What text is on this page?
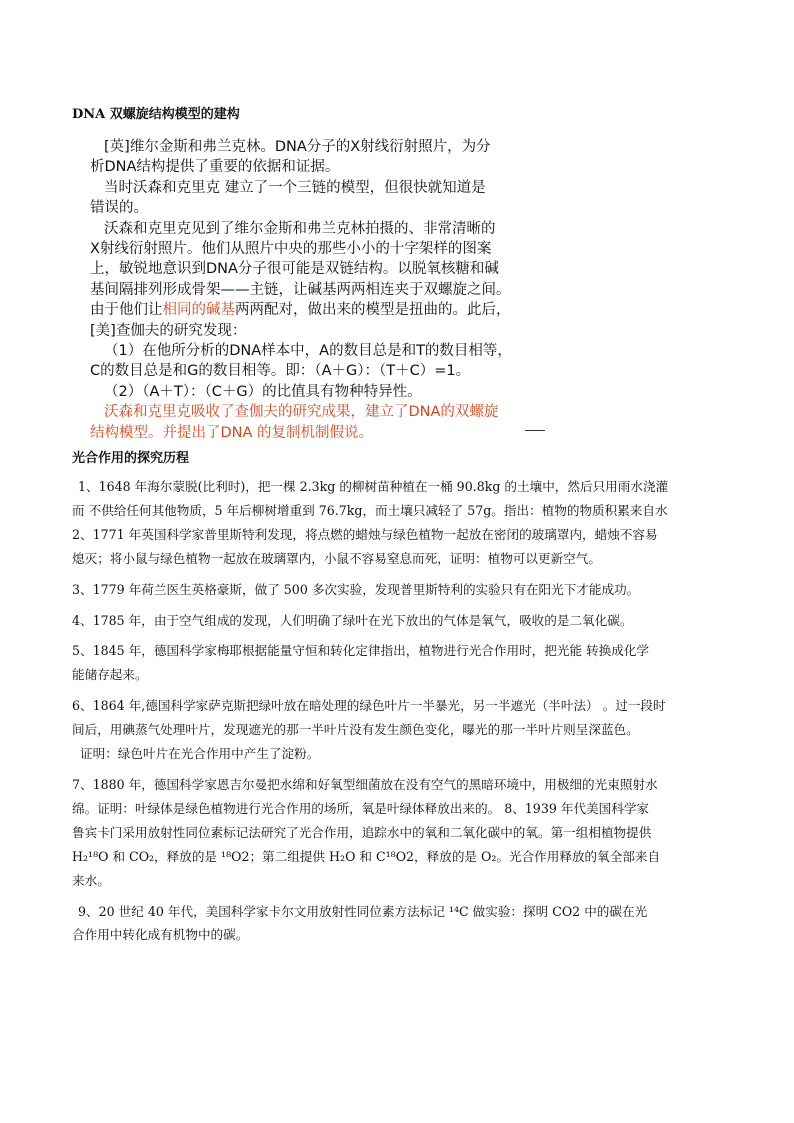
DNA 双螺旋结构模型的建构
[英]维尔金斯和弗兰克林。DNA分子的X射线衍射照片，为分
析DNA结构提供了重要的依据和证据。
当时沃森和克里克 建立了一个三链的模型，但很快就知道是
错误的。
沃森和克里克见到了维尔金斯和弗兰克林拍摄的、非常清晰的
X射线衍射照片。他们从照片中央的那些小小的十字架样的图案
上，敏锐地意识到DNA分子很可能是双链结构。以脱氧核糖和碱
基间隔排列形成骨架——主链，让碱基两两相连夹于双螺旋之间。
由于他们让相同的碱基两两配对，做出来的模型是扭曲的。此后，
[美]查伽夫的研究发现：
（1）在他所分析的DNA样本中，A的数目总是和T的数目相等，
C的数目总是和G的数目相等。即：（A＋G）：（T＋C）=1。
（2）（A＋T）：（C＋G）的比值具有物种特异性。
沃森和克里克吸收了查伽夫的研究成果，建立了DNA的双螺旋
结构模型。并提出了DNA 的复制机制假说。
光合作用的探究历程
1、1648 年海尔蒙脱(比利时)，把一棵 2.3kg 的柳树苗种植在一桶 90.8kg 的土壤中，然后只用雨水浇灌
而 不供给任何其他物质，5 年后柳树增重到 76.7kg，而土壤只减轻了 57g。指出：植物的物质积累来自水
2、1771 年英国科学家普里斯特利发现，将点燃的蜡烛与绿色植物一起放在密闭的玻璃罩内，蜡烛不容易
熄灭；将小鼠与绿色植物一起放在玻璃罩内，小鼠不容易窒息而死，证明：植物可以更新空气。
3、1779 年荷兰医生英格豪斯，做了 500 多次实验，发现普里斯特利的实验只有在阳光下才能成功。
4、1785 年，由于空气组成的发现，人们明确了绿叶在光下放出的气体是氧气，吸收的是二氧化碳。
5、1845 年，德国科学家梅耶根据能量守恒和转化定律指出，植物进行光合作用时，把光能 转换成化学
能储存起来。
6、1864 年,德国科学家萨克斯把绿叶放在暗处理的绿色叶片一半暴光，另一半遮光（半叶法） 。过一段时
间后，用碘蒸气处理叶片，发现遮光的那一半叶片没有发生颜色变化，曝光的那一半叶片则呈深蓝色。
证明：绿色叶片在光合作用中产生了淀粉。
7、1880 年，德国科学家恩吉尔曼把水绵和好氧型细菌放在没有空气的黑暗环境中，用极细的光束照射水
绵。证明：叶绿体是绿色植物进行光合作用的场所，氧是叶绿体释放出来的。 8、1939 年代美国科学家
鲁宾卡门采用放射性同位素标记法研究了光合作用，追踪水中的氧和二氧化碳中的氧。第一组相植物提供
H₂¹⁸O 和 CO₂，释放的是 ¹⁸O2；第二组提供 H₂O 和 C¹⁸O2，释放的是 O₂。光合作用释放的氧全部来自
来水。
9、20 世纪 40 年代，美国科学家卡尔文用放射性同位素方法标记 ¹⁴C 做实验：探明 CO2 中的碳在光
合作用中转化成有机物中的碳。
